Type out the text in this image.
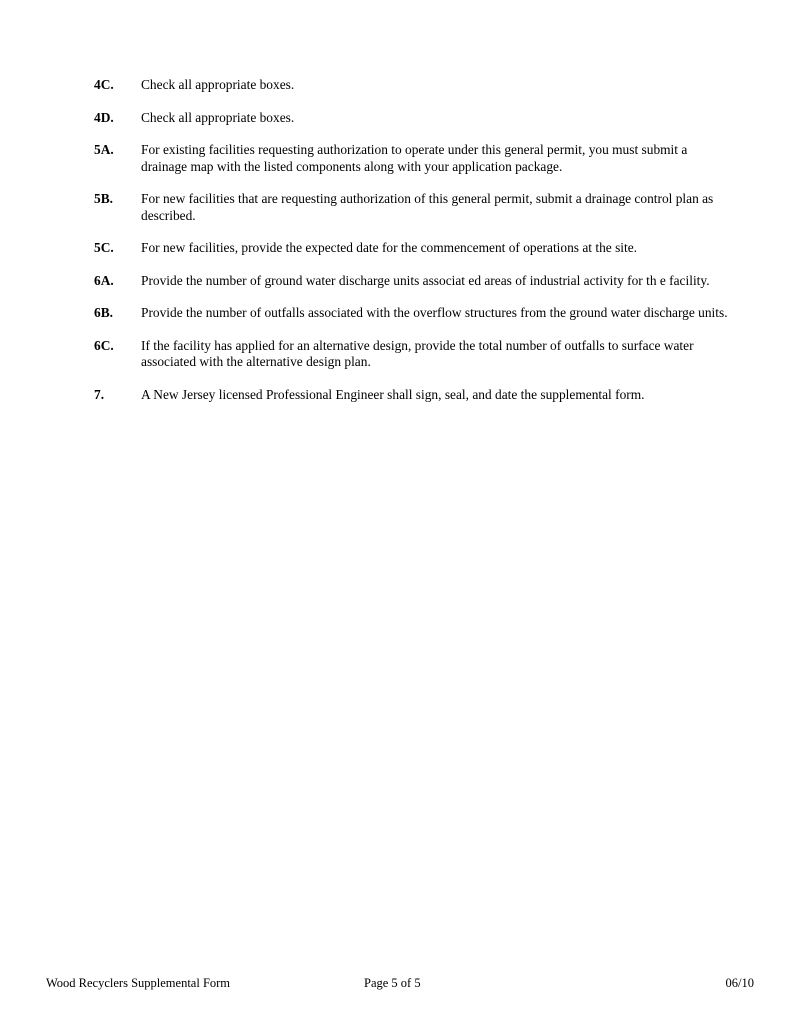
4C. Check all appropriate boxes.
4D. Check all appropriate boxes.
5A. For existing facilities requesting authorization to operate under this general permit, you must submit a drainage map with the listed components along with your application package.
5B. For new facilities that are requesting authorization of this general permit, submit a drainage control plan as described.
5C. For new facilities, provide the expected date for the commencement of operations at the site.
6A. Provide the number of ground water discharge units associat ed areas of industrial activity for th e facility.
6B. Provide the number of outfalls associated with the overflow structures from the ground water discharge units.
6C. If the facility has applied for an alternative design, provide the total number of outfalls to surface water associated with the alternative design plan.
7.	A New Jersey licensed Professional Engineer shall sign, seal, and date the supplemental form.
Wood Recyclers Supplemental Form	Page 5 of 5	06/10
